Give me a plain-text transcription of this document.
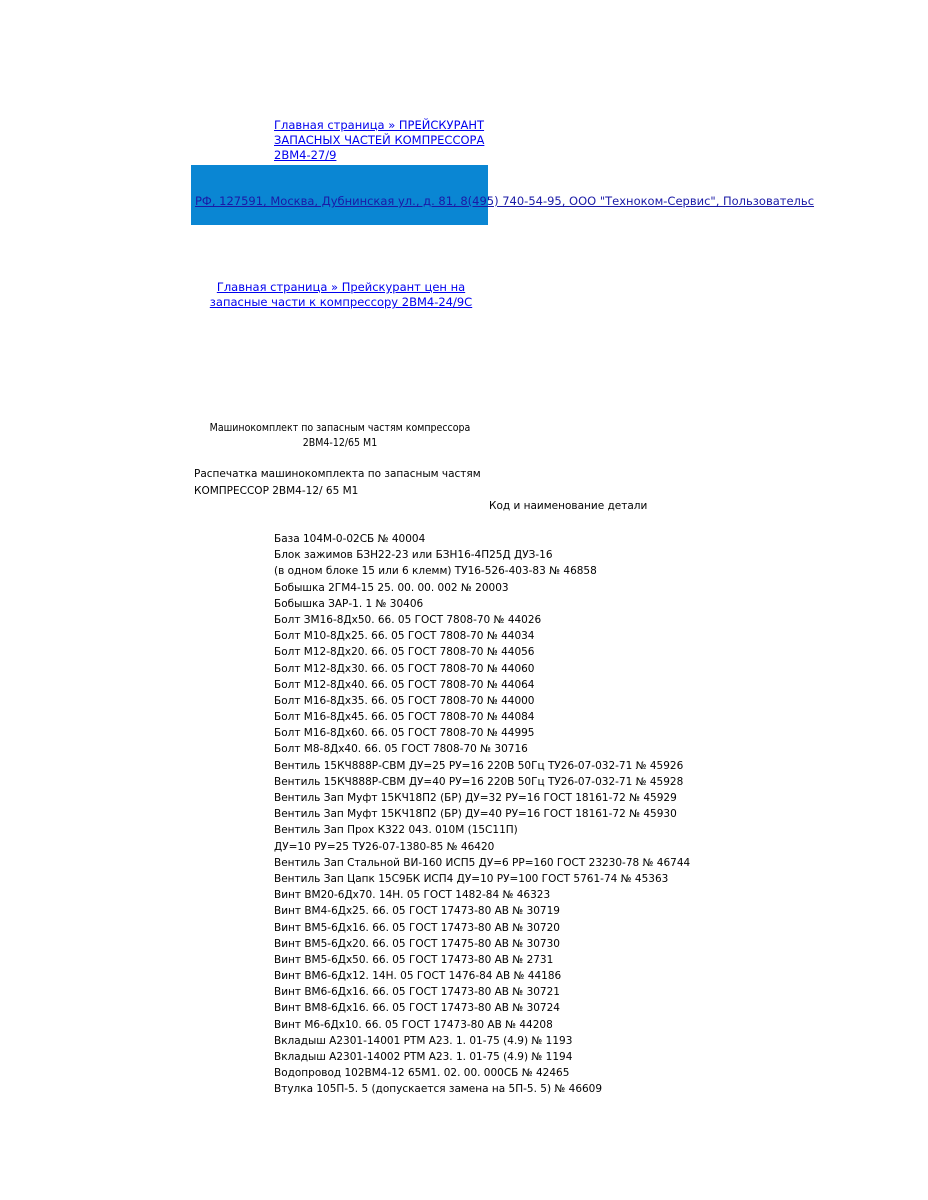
Главная страница » ПРЕЙСКУРАНТ ЗАПАСНЫХ ЧАСТЕЙ КОМПРЕССОРА 2ВМ4-27/9
РФ, 127591, Москва, Дубнинская ул., д. 81, 8(495) 740-54-95, ООО "Техноком-Сервис", Пользовательс
Главная страница » Прейскурант цен на запасные части к компрессору 2ВМ4-24/9С
Машинокомплект по запасным частям компрессора 2ВМ4-12/65 М1
Распечатка машинокомплекта по запасным частям
КОМПРЕССОР 2ВМ4-12/ 65 М1
Код и наименование детали
База 104М-0-02СБ № 40004
Блок зажимов БЗН22-23 или БЗН16-4П25Д ДУЗ-16
(в одном блоке 15 или 6 клемм) ТУ16-526-403-83 № 46858
Бобышка 2ГМ4-15 25. 00. 00. 002 № 20003
Бобышка ЗАР-1. 1 № 30406
Болт ЗМ16-8Дх50. 66. 05 ГОСТ 7808-70 № 44026
Болт М10-8Дх25. 66. 05 ГОСТ 7808-70 № 44034
Болт М12-8Дх20. 66. 05 ГОСТ 7808-70 № 44056
Болт М12-8Дх30. 66. 05 ГОСТ 7808-70 № 44060
Болт М12-8Дх40. 66. 05 ГОСТ 7808-70 № 44064
Болт М16-8Дх35. 66. 05 ГОСТ 7808-70 № 44000
Болт М16-8Дх45. 66. 05 ГОСТ 7808-70 № 44084
Болт М16-8Дх60. 66. 05 ГОСТ 7808-70 № 44995
Болт М8-8Дх40. 66. 05 ГОСТ 7808-70 № 30716
Вентиль 15КЧ888Р-СВМ ДУ=25 РУ=16 220В 50Гц ТУ26-07-032-71 № 45926
Вентиль 15КЧ888Р-СВМ ДУ=40 РУ=16 220В 50Гц ТУ26-07-032-71 № 45928
Вентиль Зап Муфт 15КЧ18П2 (БР) ДУ=32 РУ=16 ГОСТ 18161-72 № 45929
Вентиль Зап Муфт 15КЧ18П2 (БР) ДУ=40 РУ=16 ГОСТ 18161-72 № 45930
Вентиль Зап Прох К322 043. 010М (15С11П)
ДУ=10 РУ=25 ТУ26-07-1380-85 № 46420
Вентиль Зап Стальной ВИ-160 ИСП5 ДУ=6 РР=160 ГОСТ 23230-78 № 46744
Вентиль Зап Цапк 15С9БК ИСП4 ДУ=10 РУ=100 ГОСТ 5761-74 № 45363
Винт ВМ20-6Дх70. 14Н. 05 ГОСТ 1482-84 № 46323
Винт ВМ4-6Дх25. 66. 05 ГОСТ 17473-80 АВ № 30719
Винт ВМ5-6Дх16. 66. 05 ГОСТ 17473-80 АВ № 30720
Винт ВМ5-6Дх20. 66. 05 ГОСТ 17475-80 АВ № 30730
Винт ВМ5-6Дх50. 66. 05 ГОСТ 17473-80 АВ № 2731
Винт ВМ6-6Дх12. 14Н. 05 ГОСТ 1476-84 АВ № 44186
Винт ВМ6-6Дх16. 66. 05 ГОСТ 17473-80 АВ № 30721
Винт ВМ8-6Дх16. 66. 05 ГОСТ 17473-80 АВ № 30724
Винт М6-6Дх10. 66. 05 ГОСТ 17473-80 АВ № 44208
Вкладыш А2301-14001 РТМ А23. 1. 01-75 (4.9) № 1193
Вкладыш А2301-14002 РТМ А23. 1. 01-75 (4.9) № 1194
Водопровод 102ВМ4-12 65М1. 02. 00. 000СБ № 42465
Втулка 105П-5. 5 (допускается замена на 5П-5. 5) № 46609
